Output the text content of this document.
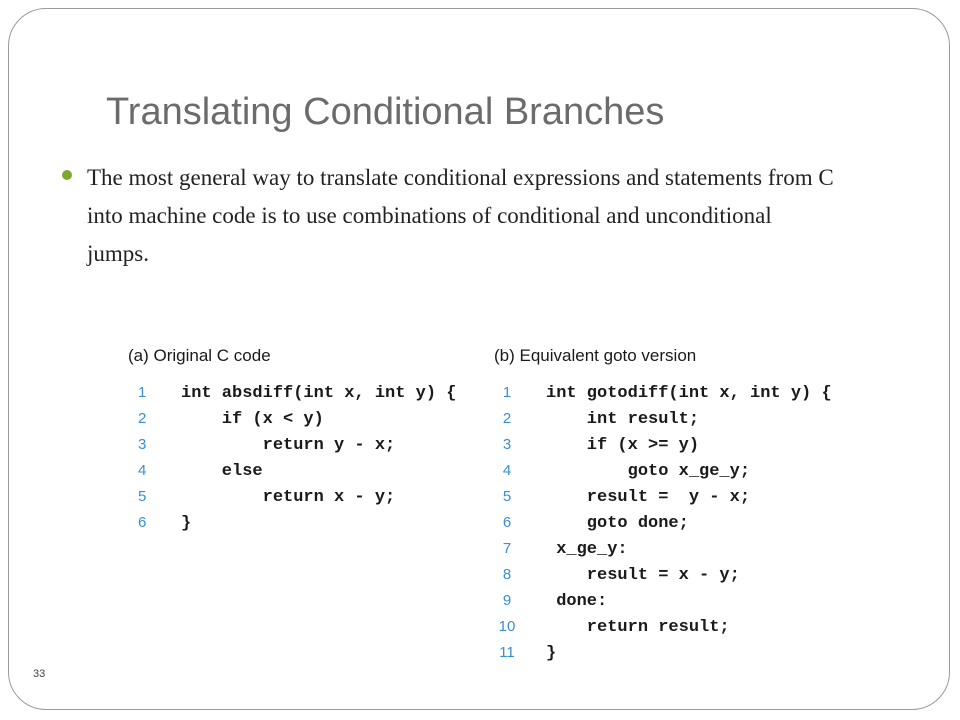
Translating Conditional Branches

The most general way to translate conditional expressions and statements from C into machine code is to use combinations of conditional and unconditional jumps.

(a) Original C code
1	int absdiff(int x, int y) {
2	if (x < y)
3	return y - x;
4	else
5	return x - y;
6	}
(b) Equivalent goto version
1	int gotodiff(int x, int y) {
2	int result;
3	if (x >= y)
4	goto x_ge_y;
5	result =  y - x;
6	goto done;
7	x_ge_y:
8	result = x - y;
9	done:
10	return result;
11	}
33
